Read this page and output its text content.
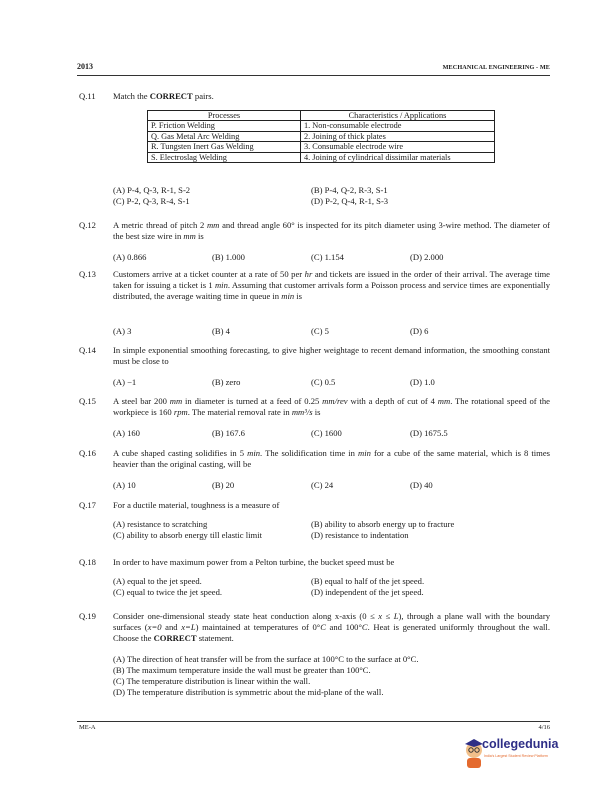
2013	MECHANICAL ENGINEERING - ME
Q.11	Match the CORRECT pairs.
Processes	Characteristics / Applications
P. Friction Welding	1. Non-consumable electrode
Q. Gas Metal Arc Welding	2. Joining of thick plates
R. Tungsten Inert Gas Welding	3. Consumable electrode wire
S. Electroslag Welding	4. Joining of cylindrical dissimilar materials
(A) P-4, Q-3, R-1, S-2	(B) P-4, Q-2, R-3, S-1
(C) P-2, Q-3, R-4, S-1	(D) P-2, Q-4, R-1, S-3
Q.12	A metric thread of pitch 2 mm and thread angle 60° is inspected for its pitch diameter using 3-wire method. The diameter of the best size wire in mm is
(A) 0.866	(B) 1.000	(C) 1.154	(D) 2.000
Q.13	Customers arrive at a ticket counter at a rate of 50 per hr and tickets are issued in the order of their arrival. The average time taken for issuing a ticket is 1 min. Assuming that customer arrivals form a Poisson process and service times are exponentially distributed, the average waiting time in queue in min is
(A) 3	(B) 4	(C) 5	(D) 6
Q.14	In simple exponential smoothing forecasting, to give higher weightage to recent demand information, the smoothing constant must be close to
(A) −1	(B) zero	(C) 0.5	(D) 1.0
Q.15	A steel bar 200 mm in diameter is turned at a feed of 0.25 mm/rev with a depth of cut of 4 mm. The rotational speed of the workpiece is 160 rpm. The material removal rate in mm³/s is
(A) 160	(B) 167.6	(C) 1600	(D) 1675.5
Q.16	A cube shaped casting solidifies in 5 min. The solidification time in min for a cube of the same material, which is 8 times heavier than the original casting, will be
(A) 10	(B) 20	(C) 24	(D) 40
Q.17	For a ductile material, toughness is a measure of
(A) resistance to scratching	(B) ability to absorb energy up to fracture
(C) ability to absorb energy till elastic limit	(D) resistance to indentation
Q.18	In order to have maximum power from a Pelton turbine, the bucket speed must be
(A) equal to the jet speed.	(B) equal to half of the jet speed.
(C) equal to twice the jet speed.	(D) independent of the jet speed.
Q.19	Consider one-dimensional steady state heat conduction along x-axis (0 ≤ x ≤ L), through a plane wall with the boundary surfaces (x=0 and x=L) maintained at temperatures of 0°C and 100°C. Heat is generated uniformly throughout the wall. Choose the CORRECT statement.
(A) The direction of heat transfer will be from the surface at 100°C to the surface at 0°C.
(B) The maximum temperature inside the wall must be greater than 100°C.
(C) The temperature distribution is linear within the wall.
(D) The temperature distribution is symmetric about the mid-plane of the wall.
ME-A	4/16
collegedunia
India's Largest Student Review Platform
